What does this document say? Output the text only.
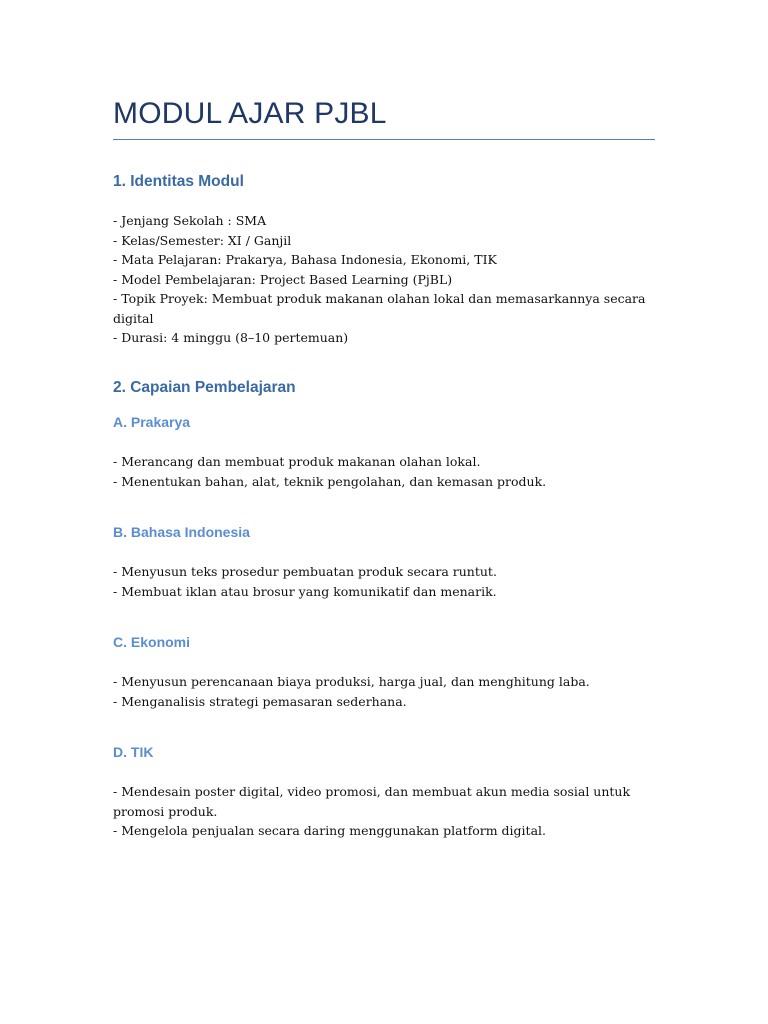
MODUL AJAR PJBL
1. Identitas Modul
- Jenjang Sekolah : SMA
- Kelas/Semester: XI / Ganjil
- Mata Pelajaran: Prakarya, Bahasa Indonesia, Ekonomi, TIK
- Model Pembelajaran: Project Based Learning (PjBL)
- Topik Proyek: Membuat produk makanan olahan lokal dan memasarkannya secara digital
- Durasi: 4 minggu (8–10 pertemuan)
2. Capaian Pembelajaran
A. Prakarya
- Merancang dan membuat produk makanan olahan lokal.
- Menentukan bahan, alat, teknik pengolahan, dan kemasan produk.
B. Bahasa Indonesia
- Menyusun teks prosedur pembuatan produk secara runtut.
- Membuat iklan atau brosur yang komunikatif dan menarik.
C. Ekonomi
- Menyusun perencanaan biaya produksi, harga jual, dan menghitung laba.
- Menganalisis strategi pemasaran sederhana.
D. TIK
- Mendesain poster digital, video promosi, dan membuat akun media sosial untuk promosi produk.
- Mengelola penjualan secara daring menggunakan platform digital.
